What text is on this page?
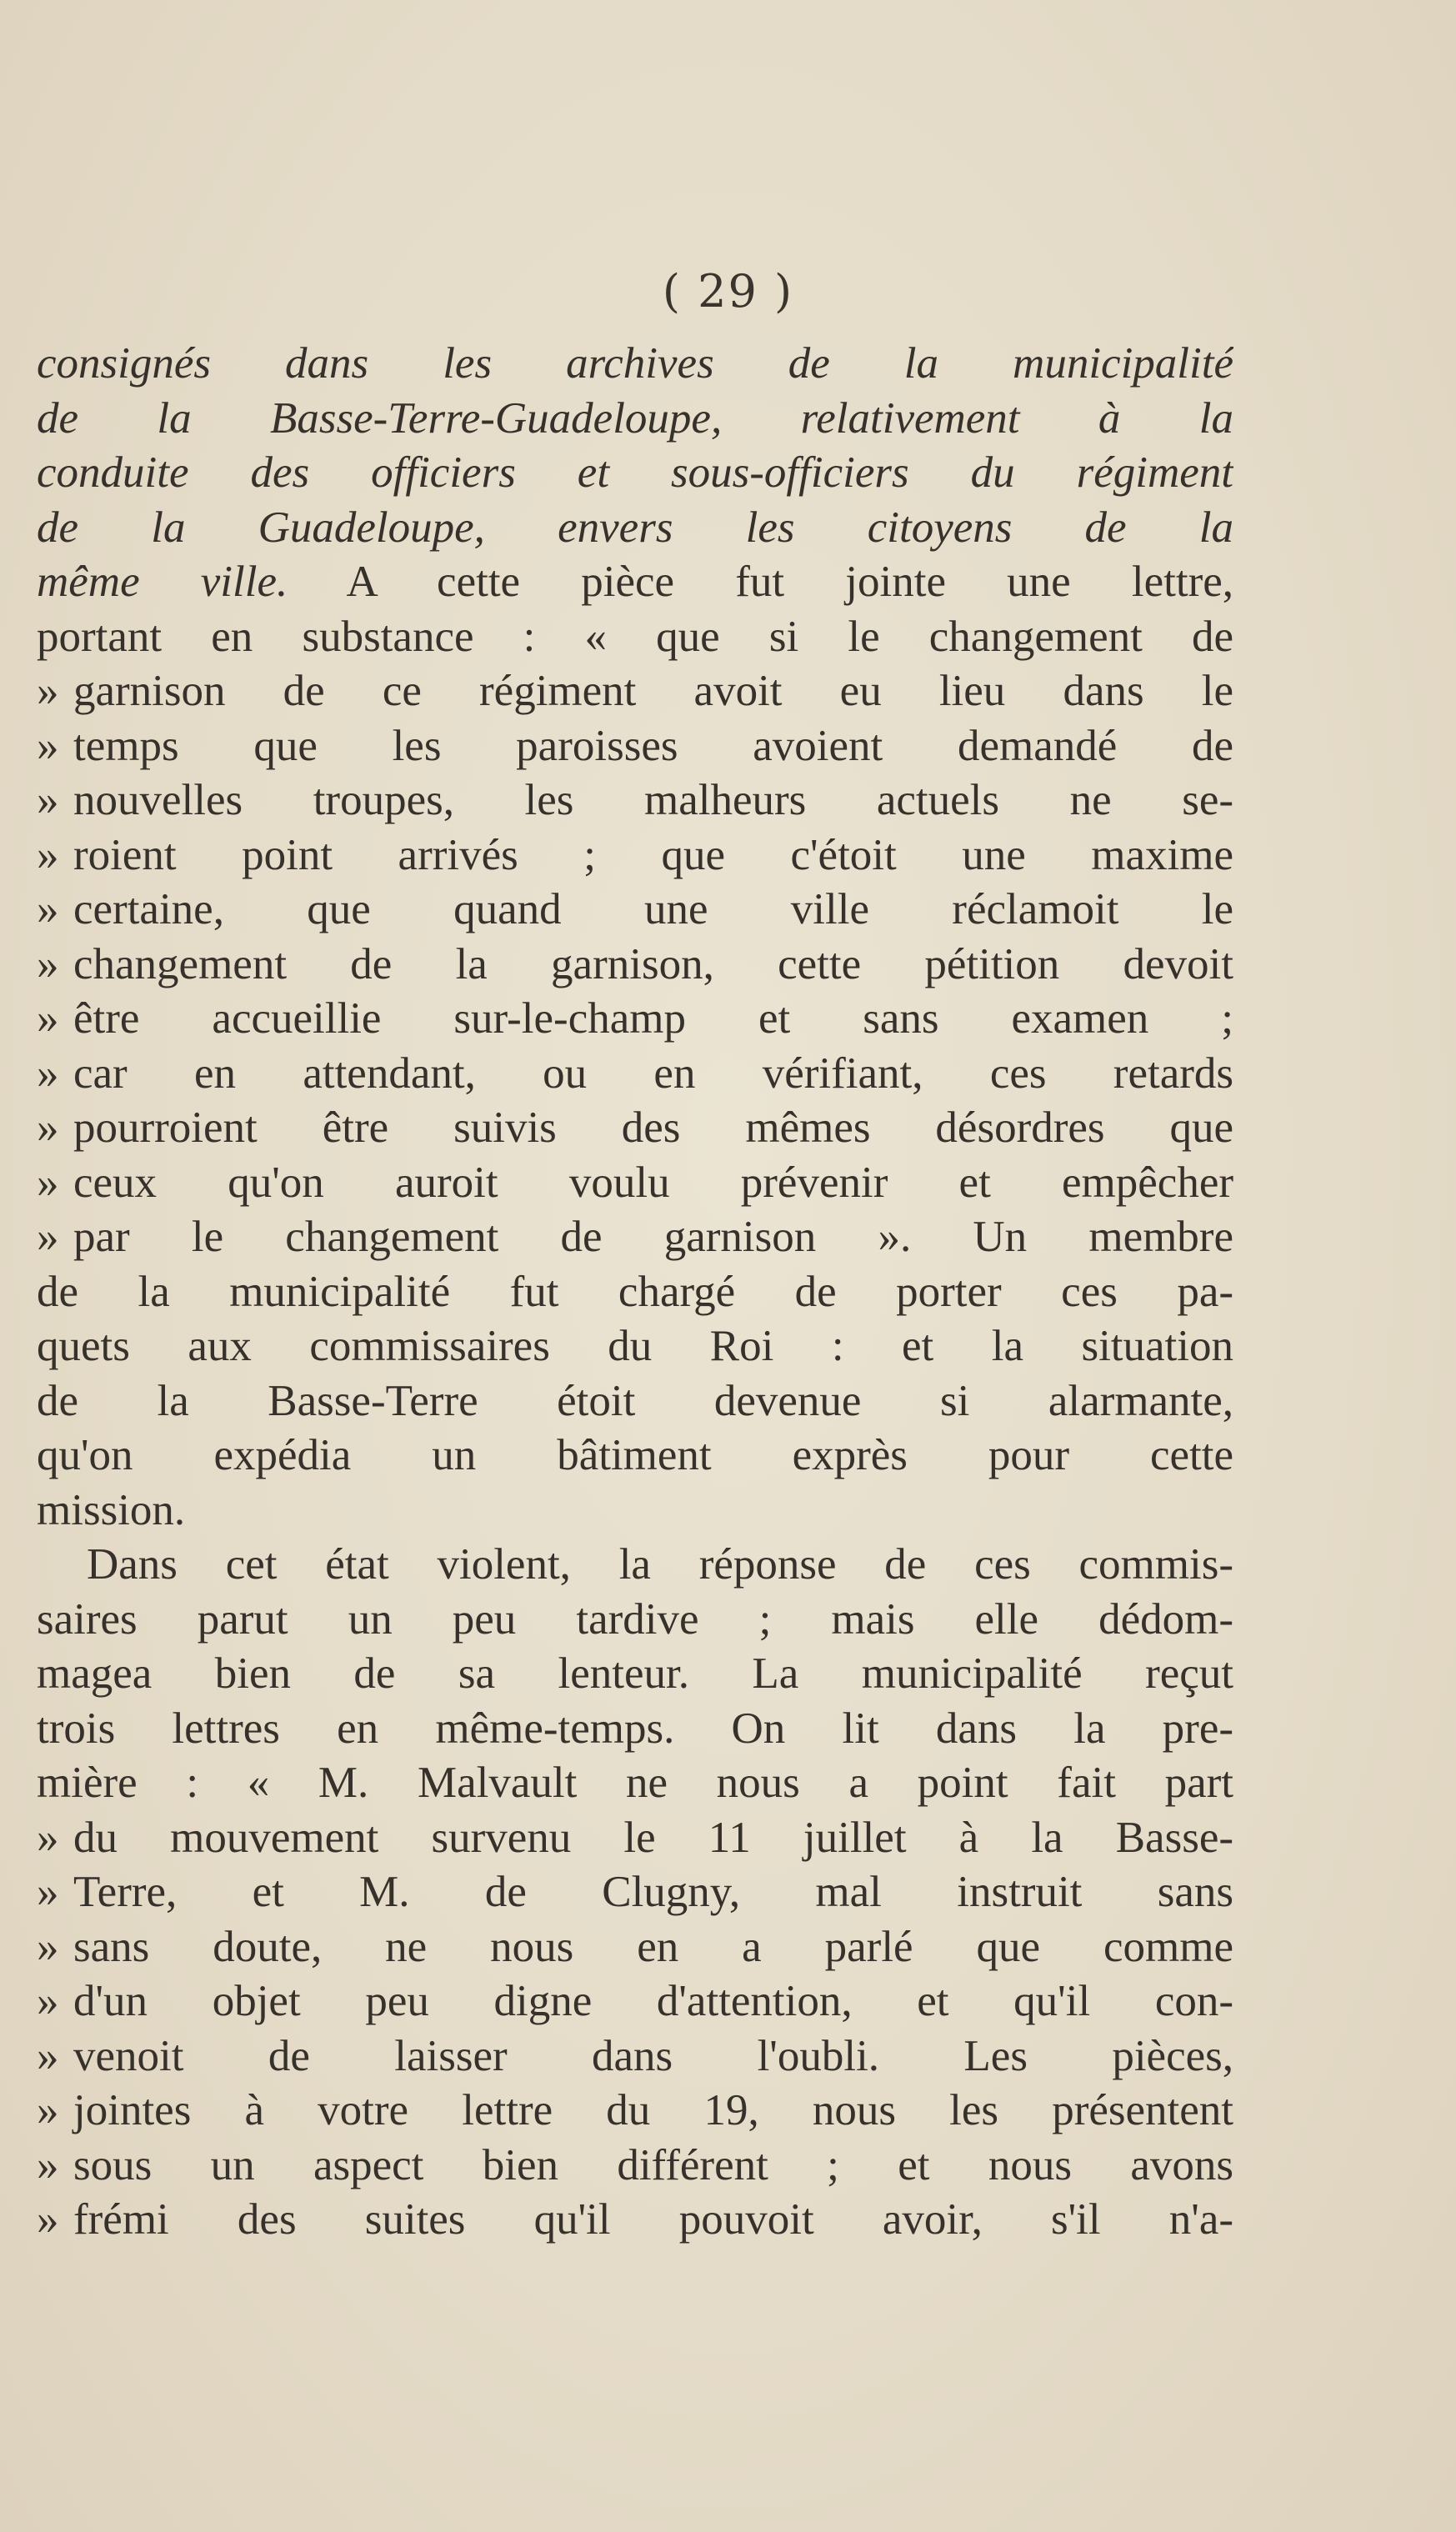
( 29 )
consignés dans les archives de la municipalité
de la Basse-Terre-Guadeloupe, relativement à la
conduite des officiers et sous-officiers du régiment
de la Guadeloupe, envers les citoyens de la
même ville. A cette pièce fut jointe une lettre,
portant en substance : « que si le changement de
» garnison de ce régiment avoit eu lieu dans le
» temps que les paroisses avoient demandé de
» nouvelles troupes, les malheurs actuels ne se-
» roient point arrivés ; que c'étoit une maxime
» certaine, que quand une ville réclamoit le
» changement de la garnison, cette pétition devoit
» être accueillie sur-le-champ et sans examen ;
» car en attendant, ou en vérifiant, ces retards
» pourroient être suivis des mêmes désordres que
» ceux qu'on auroit voulu prévenir et empêcher
» par le changement de garnison ». Un membre
de la municipalité fut chargé de porter ces pa-
quets aux commissaires du Roi : et la situation
de la Basse-Terre étoit devenue si alarmante,
qu'on expédia un bâtiment exprès pour cette
mission.
Dans cet état violent, la réponse de ces commis-
saires parut un peu tardive ; mais elle dédom-
magea bien de sa lenteur. La municipalité reçut
trois lettres en même-temps. On lit dans la pre-
mière : « M. Malvault ne nous a point fait part
» du mouvement survenu le 11 juillet à la Basse-
» Terre, et M. de Clugny, mal instruit sans
» sans doute, ne nous en a parlé que comme
» d'un objet peu digne d'attention, et qu'il con-
» venoit de laisser dans l'oubli. Les pièces,
» jointes à votre lettre du 19, nous les présentent
» sous un aspect bien différent ; et nous avons
» frémi des suites qu'il pouvoit avoir, s'il n'a-
